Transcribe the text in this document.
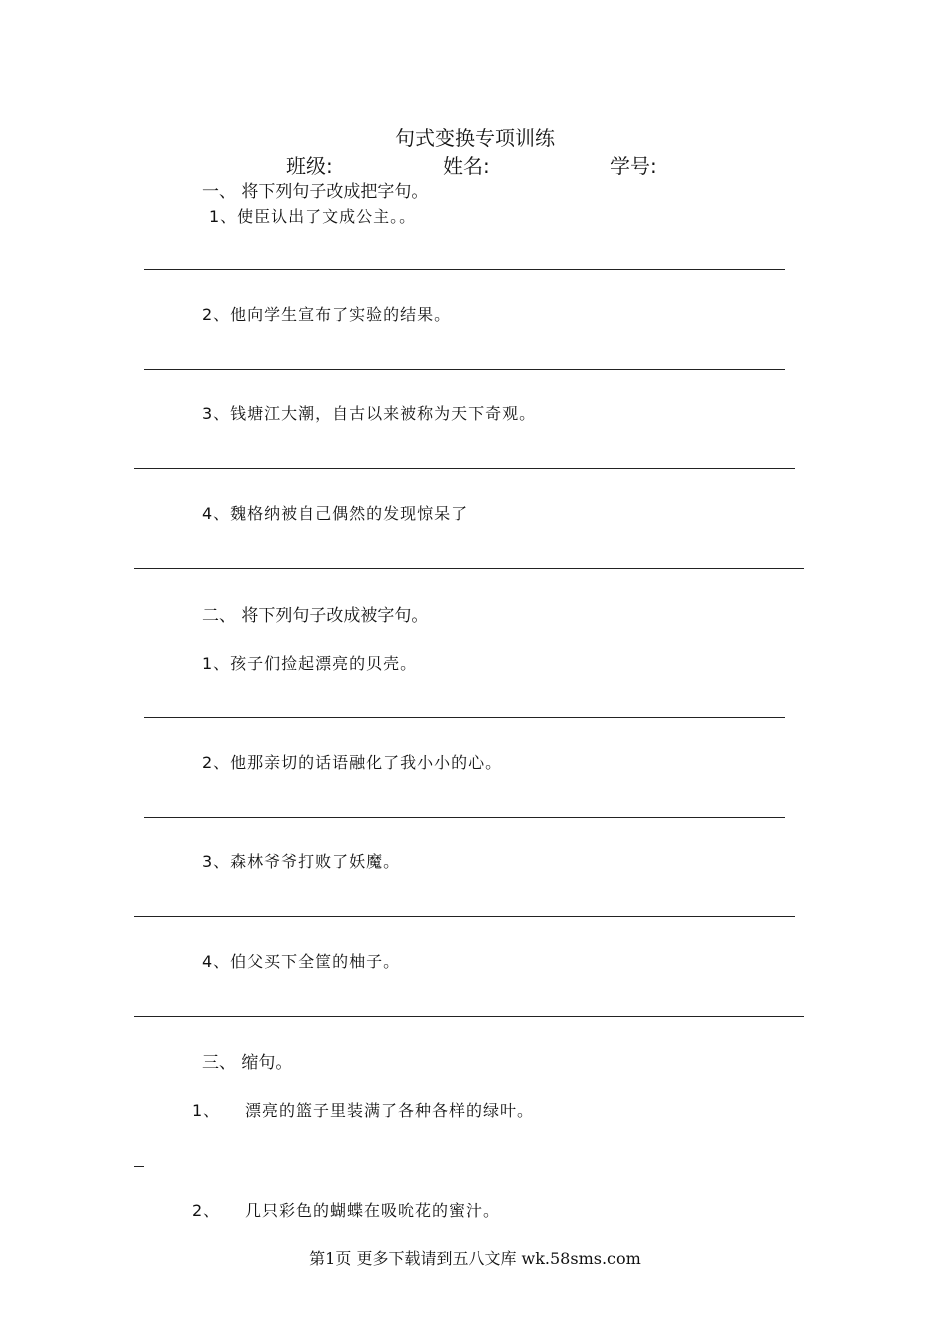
句式变换专项训练
班级:	姓名:	学号:
一、 将下列句子改成把字句。
1、使臣认出了文成公主。。
2、他向学生宣布了实验的结果。
3、钱塘江大潮，自古以来被称为天下奇观。
4、魏格纳被自己偶然的发现惊呆了
二、 将下列句子改成被字句。
1、孩子们捡起漂亮的贝壳。
2、他那亲切的话语融化了我小小的心。
3、森林爷爷打败了妖魔。
4、伯父买下全筐的柚子。
三、 缩句。
1、 漂亮的篮子里装满了各种各样的绿叶。
2、 几只彩色的蝴蝶在吸吮花的蜜汁。
第1页 更多下载请到五八文库 wk.58sms.com
